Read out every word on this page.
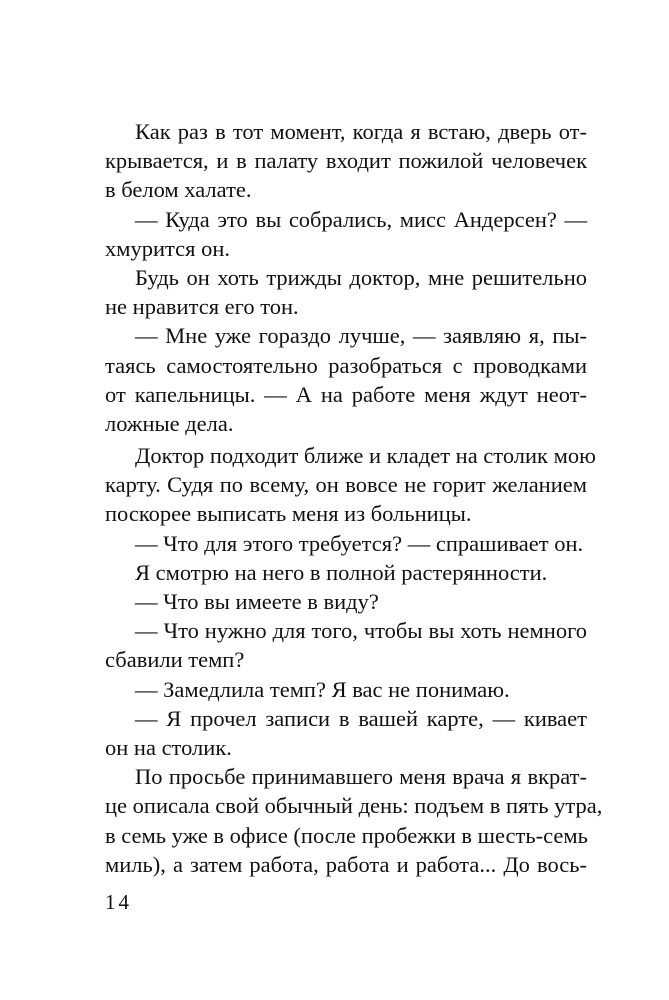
Как раз в тот момент, когда я встаю, дверь от-
крывается, и в палату входит пожилой человечек
в белом халате.
— Куда это вы собрались, мисс Андерсен? —
хмурится он.
Будь он хоть трижды доктор, мне решительно
не нравится его тон.
— Мне уже гораздо лучше, — заявляю я, пы-
таясь самостоятельно разобраться с проводками
от капельницы. — А на работе меня ждут неот-
ложные дела.
Доктор подходит ближе и кладет на столик мою
карту. Судя по всему, он вовсе не горит желанием
поскорее выписать меня из больницы.
— Что для этого требуется? — спрашивает он.
Я смотрю на него в полной растерянности.
— Что вы имеете в виду?
— Что нужно для того, чтобы вы хоть немного
сбавили темп?
— Замедлила темп? Я вас не понимаю.
— Я прочел записи в вашей карте, — кивает
он на столик.
По просьбе принимавшего меня врача я вкрат-
це описала свой обычный день: подъем в пять утра,
в семь уже в офисе (после пробежки в шесть-семь
миль), а затем работа, работа и работа... До вось-
14
